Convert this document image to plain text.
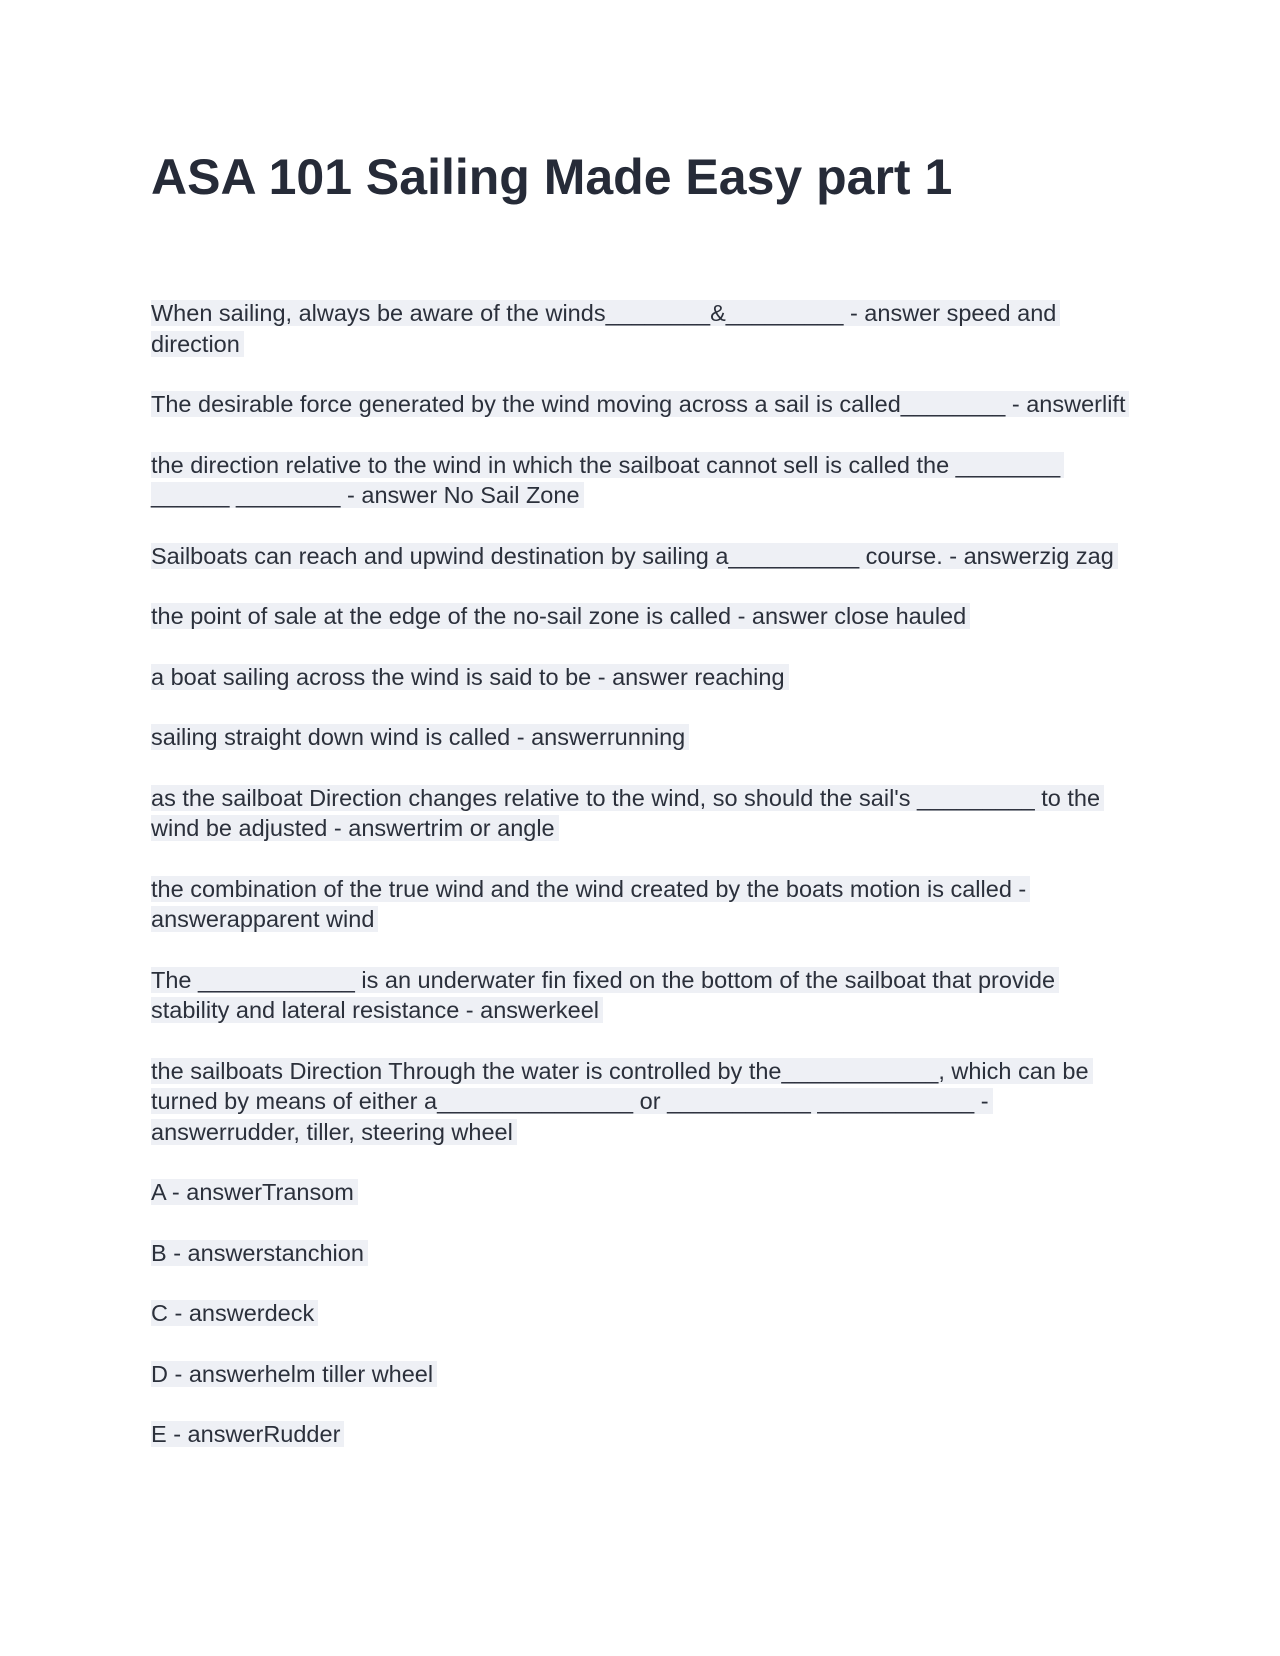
ASA 101 Sailing Made Easy part 1
When sailing, always be aware of the winds________&_________ - answer speed and direction
The desirable force generated by the wind moving across a sail is called________ - answerlift
the direction relative to the wind in which the sailboat cannot sell is called the ________ ______ ________ - answer No Sail Zone
Sailboats can reach and upwind destination by sailing a__________ course. - answerzig zag
the point of sale at the edge of the no-sail zone is called - answer close hauled
a boat sailing across the wind is said to be - answer reaching
sailing straight down wind is called - answerrunning
as the sailboat Direction changes relative to the wind, so should the sail's _________ to the wind be adjusted - answertrim or angle
the combination of the true wind and the wind created by the boats motion is called - answerapparent wind
The ____________ is an underwater fin fixed on the bottom of the sailboat that provide stability and lateral resistance - answerkeel
the sailboats Direction Through the water is controlled by the____________, which can be turned by means of either a_______________ or ___________ ____________ - answerrudder, tiller, steering wheel
A - answerTransom
B - answerstanchion
C - answerdeck
D - answerhelm tiller wheel
E - answerRudder
